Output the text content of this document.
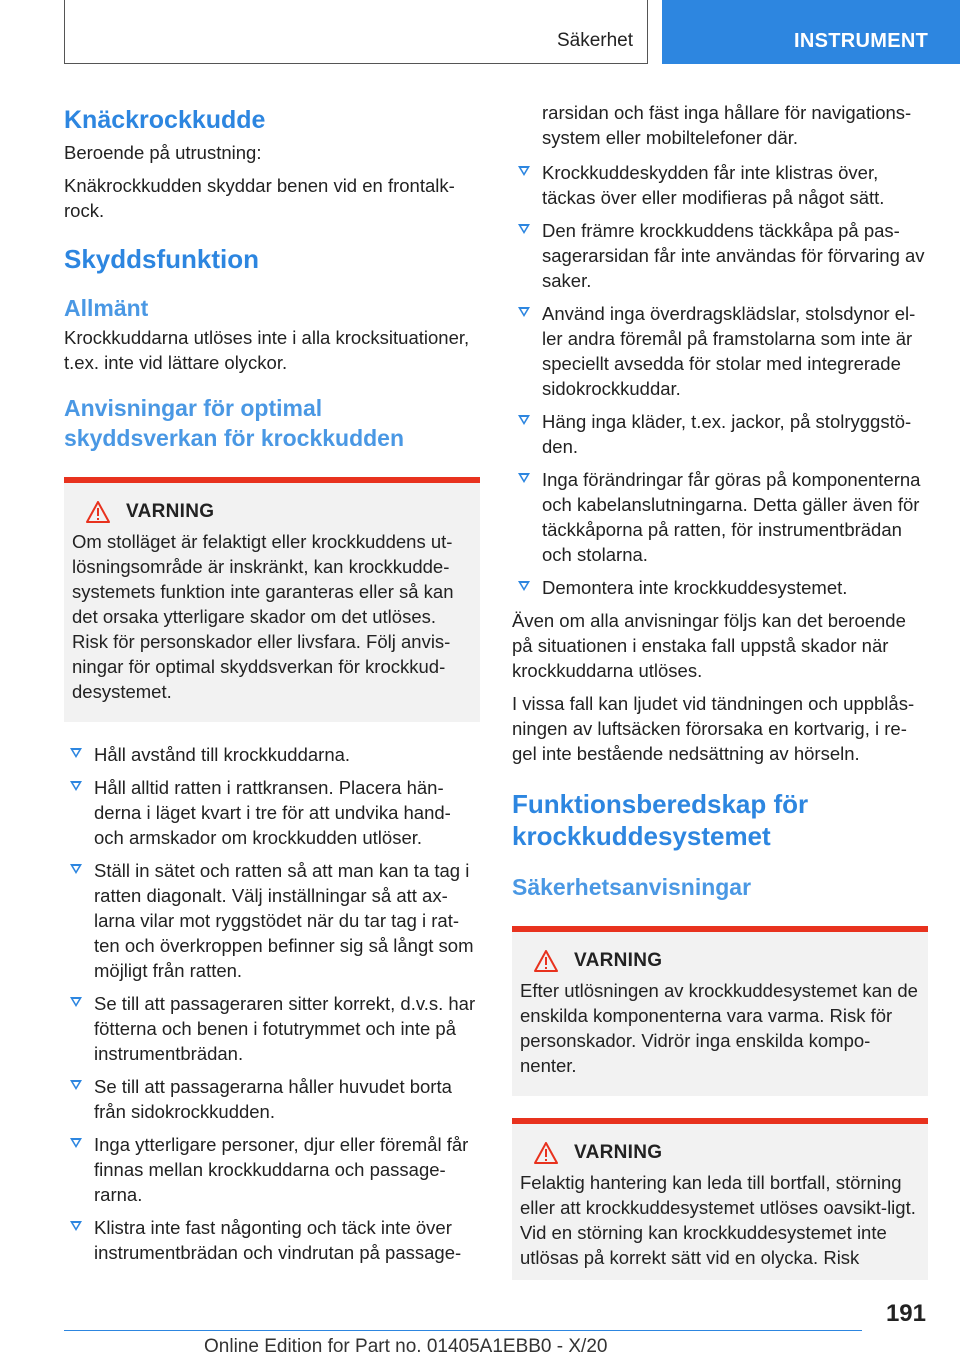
Säkerhet	INSTRUMENT
Knäckrockkudde

Beroende på utrustning:

Knäkrockkudden skyddar benen vid en frontalk-rock.

Skyddsfunktion
Allmänt

Krockkuddarna utlöses inte i alla krocksituationer, t.ex. inte vid lättare olyckor.

Anvisningar för optimal skyddsverkan för krockkudden
VARNING

Om stolläget är felaktigt eller krockkuddens ut-lösningsområde är inskränkt, kan krockkudde-systemets funktion inte garanteras eller så kan det orsaka ytterligare skador om det utlöses. Risk för personskador eller livsfara. Följ anvis-ningar för optimal skyddsverkan för krockkud-desystemet.

Håll avstånd till krockkuddarna.
Håll alltid ratten i rattkransen. Placera hän-derna i läget kvart i tre för att undvika hand- och armskador om krockkudden utlöser.
Ställ in sätet och ratten så att man kan ta tag i ratten diagonalt. Välj inställningar så att ax-larna vilar mot ryggstödet när du tar tag i rat-ten och överkroppen befinner sig så långt som möjligt från ratten.
Se till att passageraren sitter korrekt, d.v.s. har fötterna och benen i fotutrymmet och inte på instrumentbrädan.
Se till att passagerarna håller huvudet borta från sidokrockkudden.
Inga ytterligare personer, djur eller föremål får finnas mellan krockkuddarna och passage-rarna.
Klistra inte fast någonting och täck inte över instrumentbrädan och vindrutan på passage-

rarsidan och fäst inga hållare för navigations-system eller mobiltelefoner där.

Krockkuddeskydden får inte klistras över, täckas över eller modifieras på något sätt.
Den främre krockkuddens täckkåpa på pas-sagerarsidan får inte användas för förvaring av saker.
Använd inga överdragsklädslar, stolsdynor el-ler andra föremål på framstolarna som inte är speciellt avsedda för stolar med integrerade sidokrockkuddar.
Häng inga kläder, t.ex. jackor, på stolryggstö-den.
Inga förändringar får göras på komponenterna och kabelanslutningarna. Detta gäller även för täckkåporna på ratten, för instrumentbrädan och stolarna.
Demontera inte krockkuddesystemet.

Även om alla anvisningar följs kan det beroende på situationen i enstaka fall uppstå skador när krockkuddarna utlöses.

I vissa fall kan ljudet vid tändningen och uppblås-ningen av luftsäcken förorsaka en kortvarig, i re-gel inte bestående nedsättning av hörseln.

Funktionsberedskap för krockkuddesystemet
Säkerhetsanvisningar
VARNING

Efter utlösningen av krockkuddesystemet kan de enskilda komponenterna vara varma. Risk för personskador. Vidrör inga enskilda kompo-nenter.

VARNING

Felaktig hantering kan leda till bortfall, störning eller att krockkuddesystemet utlöses oavsikt-ligt. Vid en störning kan krockkuddesystemet inte utlösas på korrekt sätt vid en olycka. Risk

191
Online Edition for Part no. 01405A1EBB0 - X/20
